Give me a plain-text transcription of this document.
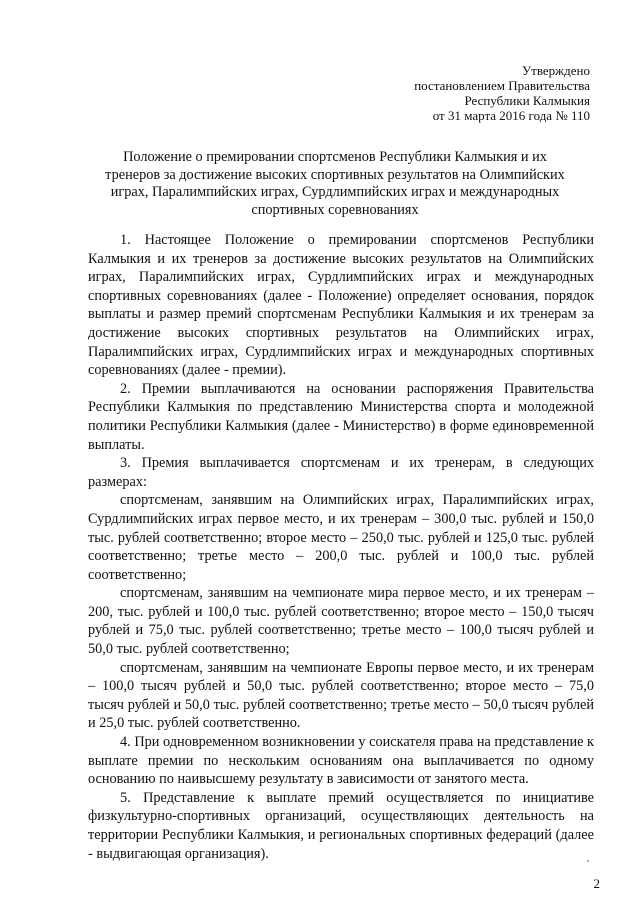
Утверждено
постановлением Правительства
Республики Калмыкия
от 31 марта 2016 года № 110
Положение о премировании спортсменов Республики Калмыкия и их тренеров за достижение высоких спортивных результатов на Олимпийских играх, Паралимпийских играх, Сурдлимпийских играх и международных спортивных соревнованиях

1. Настоящее Положение о премировании спортсменов Республики Калмыкия и их тренеров за достижение высоких результатов на Олимпийских играх, Паралимпийских играх, Сурдлимпийских играх и международных спортивных соревнованиях (далее - Положение) определяет основания, порядок выплаты и размер премий спортсменам Республики Калмыкия и их тренерам за достижение высоких спортивных результатов на Олимпийских играх, Паралимпийских играх, Сурдлимпийских играх и международных спортивных соревнованиях (далее - премии).

2. Премии выплачиваются на основании распоряжения Правительства Республики Калмыкия по представлению Министерства спорта и молодежной политики Республики Калмыкия (далее - Министерство) в форме единовременной выплаты.

3. Премия выплачивается спортсменам и их тренерам, в следующих размерах:

спортсменам, занявшим на Олимпийских играх, Паралимпийских играх, Сурдлимпийских играх первое место, и их тренерам – 300,0 тыс. рублей и 150,0 тыс. рублей соответственно; второе место – 250,0 тыс. рублей и 125,0 тыс. рублей соответственно; третье место – 200,0 тыс. рублей и 100,0 тыс. рублей соответственно;

спортсменам, занявшим на чемпионате мира первое место, и их тренерам – 200, тыс. рублей и 100,0 тыс. рублей соответственно; второе место – 150,0 тысяч рублей и 75,0 тыс. рублей соответственно; третье место – 100,0 тысяч рублей и 50,0 тыс. рублей соответственно;

спортсменам, занявшим на чемпионате Европы первое место, и их тренерам – 100,0 тысяч рублей и 50,0 тыс. рублей соответственно; второе место – 75,0 тысяч рублей и 50,0 тыс. рублей соответственно; третье место – 50,0 тысяч рублей и 25,0 тыс. рублей соответственно.

4. При одновременном возникновении у соискателя права на представление к выплате премии по нескольким основаниям она выплачивается по одному основанию по наивысшему результату в зависимости от занятого места.

5. Представление к выплате премий осуществляется по инициативе физкультурно-спортивных организаций, осуществляющих деятельность на территории Республики Калмыкия, и региональных спортивных федераций (далее - выдвигающая организация).

2
